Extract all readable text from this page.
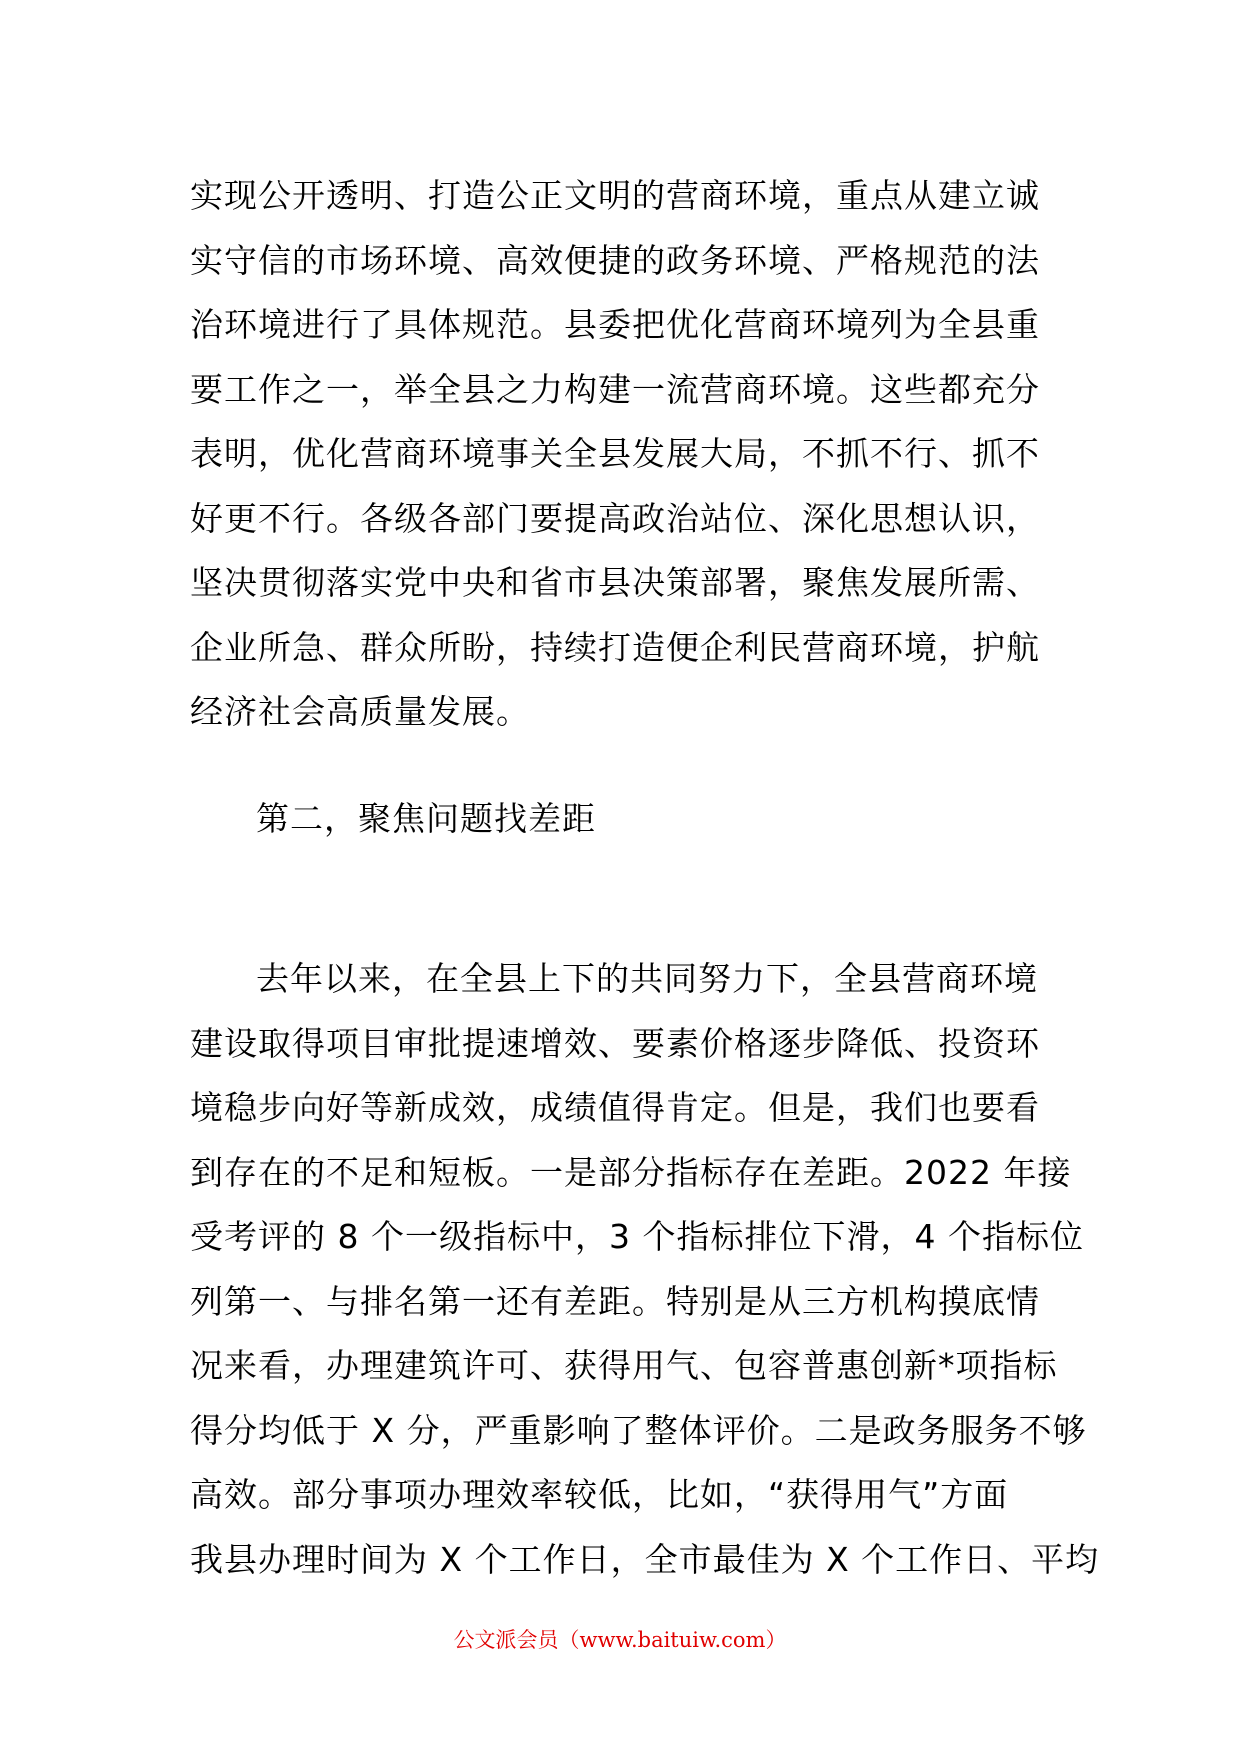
实现公开透明、打造公正文明的营商环境，重点从建立诚
实守信的市场环境、高效便捷的政务环境、严格规范的法
治环境进行了具体规范。县委把优化营商环境列为全县重
要工作之一，举全县之力构建一流营商环境。这些都充分
表明，优化营商环境事关全县发展大局，不抓不行、抓不
好更不行。各级各部门要提高政治站位、深化思想认识，
坚决贯彻落实党中央和省市县决策部署，聚焦发展所需、
企业所急、群众所盼，持续打造便企利民营商环境，护航
经济社会高质量发展。
第二，聚焦问题找差距
去年以来，在全县上下的共同努力下，全县营商环境
建设取得项目审批提速增效、要素价格逐步降低、投资环
境稳步向好等新成效，成绩值得肯定。但是，我们也要看
到存在的不足和短板。一是部分指标存在差距。2022 年接
受考评的 8 个一级指标中，3 个指标排位下滑，4 个指标位
列第一、与排名第一还有差距。特别是从三方机构摸底情
况来看，办理建筑许可、获得用气、包容普惠创新*项指标
得分均低于 X 分，严重影响了整体评价。二是政务服务不够
高效。部分事项办理效率较低，比如，“获得用气”方面
我县办理时间为 X 个工作日，全市最佳为 X 个工作日、平均
公文派会员（www.baituiw.com）
